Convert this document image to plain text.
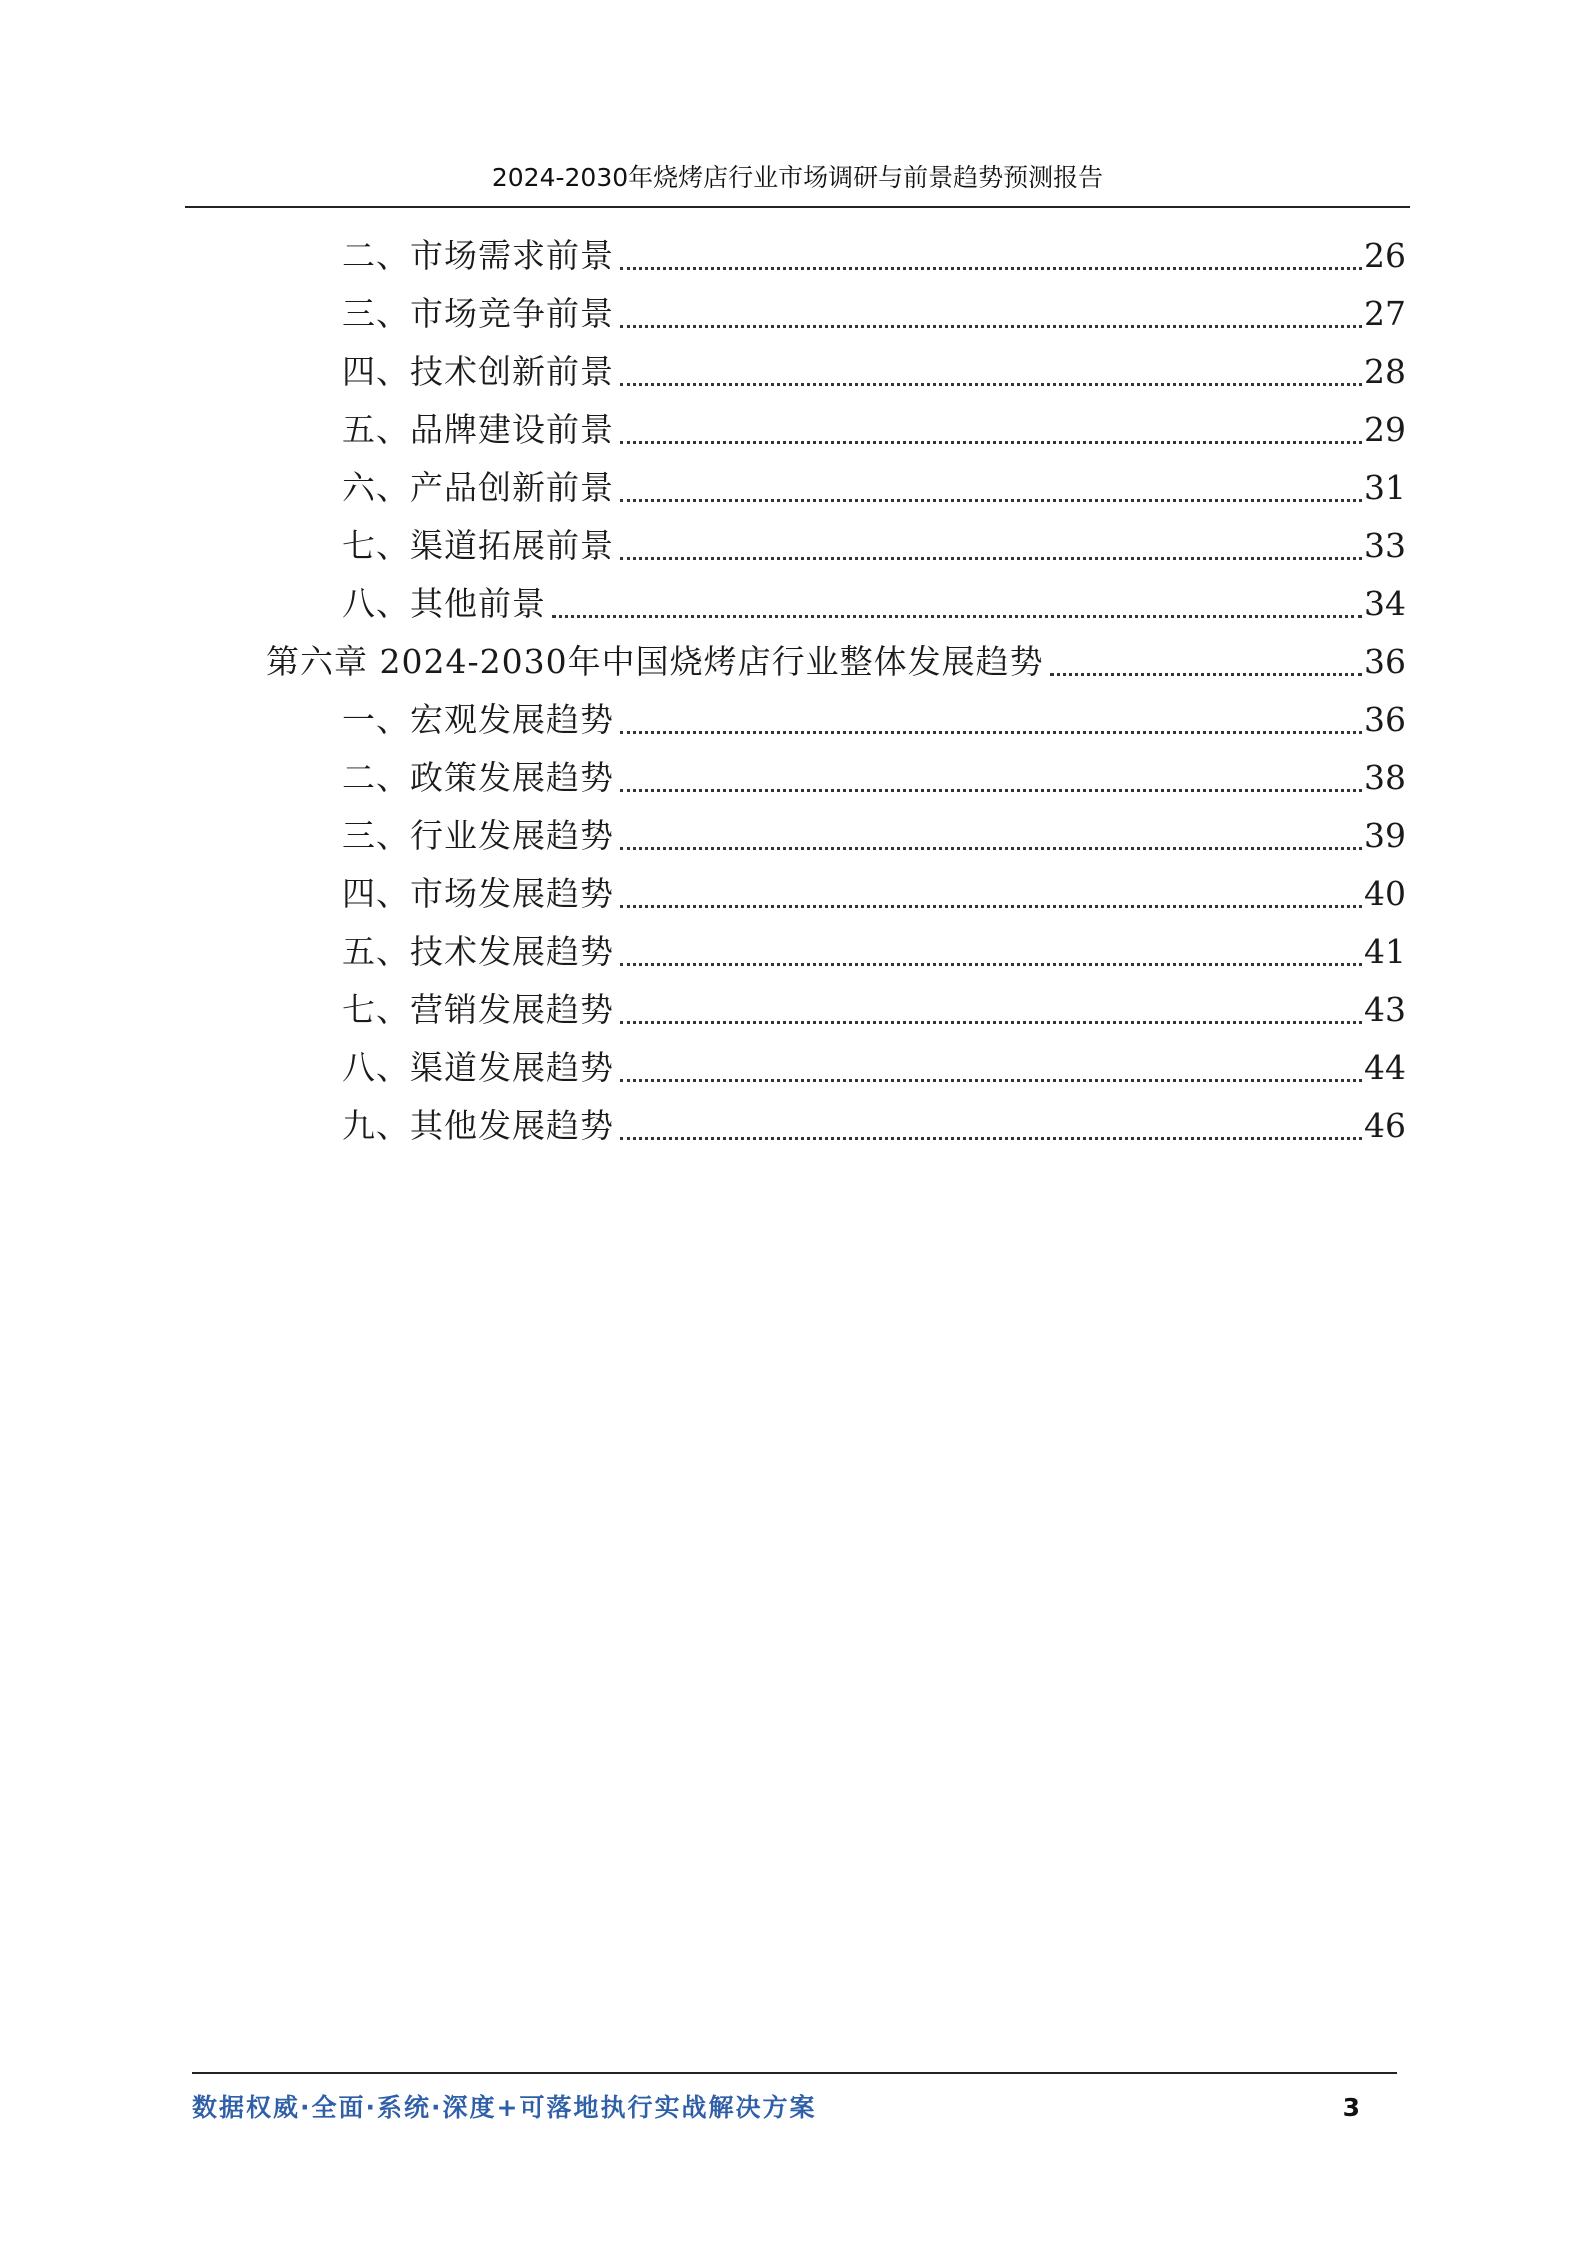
2024-2030年烧烤店行业市场调研与前景趋势预测报告
二、市场需求前景	26
三、市场竞争前景	27
四、技术创新前景	28
五、品牌建设前景	29
六、产品创新前景	31
七、渠道拓展前景	33
八、其他前景	34
第六章 2024-2030年中国烧烤店行业整体发展趋势	36
一、宏观发展趋势	36
二、政策发展趋势	38
三、行业发展趋势	39
四、市场发展趋势	40
五、技术发展趋势	41
七、营销发展趋势	43
八、渠道发展趋势	44
九、其他发展趋势	46
数据权威·全面·系统·深度+可落地执行实战解决方案	3
